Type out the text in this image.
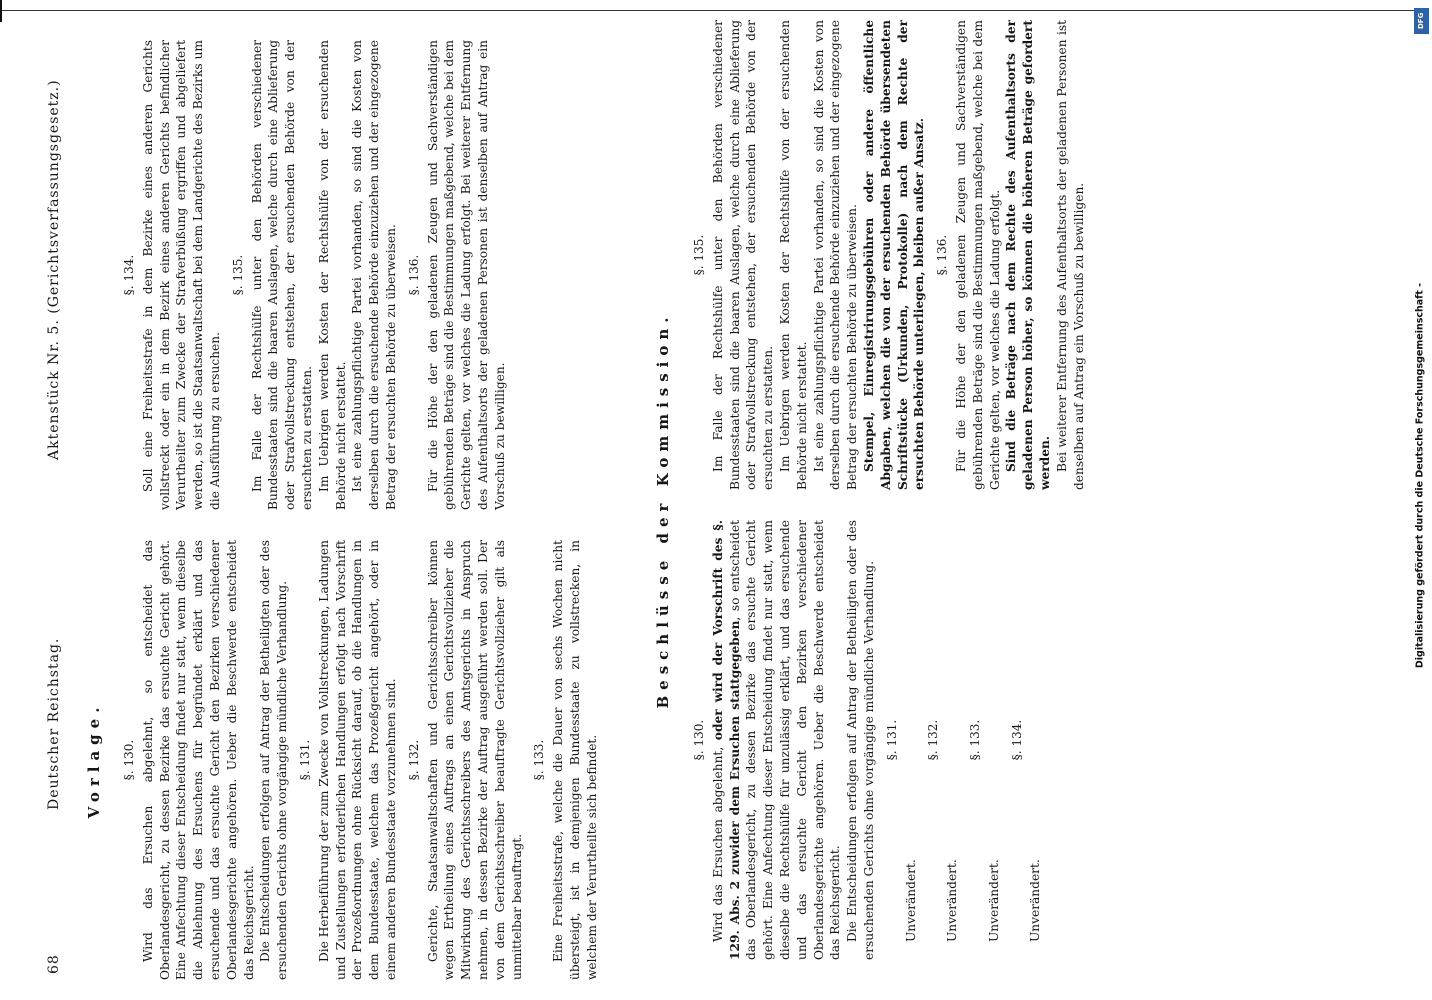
68
Deutscher Reichstag.
Aktenstück Nr. 5. (Gerichtsverfassungsgesetz.)
Vorlage. §. 130. Wird das Ersuchen abgelehnt, so entscheidet das Oberlandesgericht, zu dessen Bezirke das ersuchte Gericht gehört. Eine Anfechtung dieser Entscheidung findet nur statt, wenn dieselbe die Ablehnung des Ersuchens für begründet erklärt und das ersuchende und das ersuchte Gericht den Bezirken verschiedener Oberlandesgerichte angehören. Ueber die Beschwerde entscheidet das Reichsgericht. Die Entscheidungen erfolgen auf Antrag der Betheiligten oder des ersuchenden Gerichts ohne vorgängige mündliche Verhandlung. §. 131. Die Herbeiführung der zum Zwecke von Vollstreckungen, Ladungen und Zustellungen erforderlichen Handlungen erfolgt nach Vorschrift der Prozeßordnungen ohne Rücksicht darauf, ob die Handlungen in dem Bundesstaate, welchem das Prozeßgericht angehört, oder in einem anderen Bundesstaate vorzunehmen sind. §. 132. Gerichte, Staatsanwaltschaften und Gerichtsschreiber können wegen Ertheilung eines Auftrags an einen Gerichtsvollzieher die Mitwirkung des Gerichtsschreibers des Amtsgerichts in Anspruch nehmen, in dessen Bezirke der Auftrag ausgeführt werden soll. Der von dem Gerichtsschreiber beauftragte Gerichtsvollzieher gilt als unmittelbar beauftragt.

§. 133. Eine Freiheitsstrafe, welche die Dauer von sechs Wochen nicht übersteigt, ist in demjenigen Bundesstaate zu vollstrecken, in welchem der Verurtheilte sich befindet.

§. 134. Soll eine Freiheitsstrafe in dem Bezirke eines anderen Gerichts vollstreckt oder ein in dem Bezirk eines anderen Gerichts befindlicher Verurtheilter zum Zwecke der Strafverbüßung ergriffen und abgeliefert werden, so ist die Staatsanwaltschaft bei dem Landgerichte des Bezirks um die Ausführung zu ersuchen.

§. 135. Im Falle der Rechtshülfe unter den Behörden verschiedener Bundesstaaten sind die baaren Auslagen, welche durch eine Ablieferung oder Strafvollstreckung entstehen, der ersuchenden Behörde von der ersuchten zu erstatten. Im Uebrigen werden Kosten der Rechtshülfe von der ersuchenden Behörde nicht erstattet. Ist eine zahlungspflichtige Partei vorhanden, so sind die Kosten von derselben durch die ersuchende Behörde einzuziehen und der eingezogene Betrag der ersuchten Behörde zu überweisen. §. 136. Für die Höhe der den geladenen Zeugen und Sachverständigen gebührenden Beträge sind die Bestimmungen maßgebend, welche bei dem Gerichte gelten, vor welches die Ladung erfolgt. Bei weiterer Entfernung des Aufenthaltsorts der geladenen Personen ist denselben auf Antrag ein Vorschuß zu bewilligen.	Beschlüsse der Kommission.
§. 130.

Wird das Ersuchen abgelehnt, oder wird der Vorschrift des §. 129. Abs. 2 zuwider dem Ersuchen stattgegeben, so entscheidet das Oberlandesgericht, zu dessen Bezirke das ersuchte Gericht gehört. Eine Anfechtung dieser Entscheidung findet nur statt, wenn dieselbe die Rechtshülfe für unzulässig erklärt, und das ersuchende und das ersuchte Gericht den Bezirken verschiedener Oberlandesgerichte angehören. Ueber die Beschwerde entscheidet das Reichsgericht. Die Entscheidungen erfolgen auf Antrag der Betheiligten oder des ersuchenden Gerichts ohne vorgängige mündliche Verhandlung. §. 131.

Unverändert.

§. 132.

Unverändert.

§. 133.

Unverändert.

§. 134.

Unverändert.

§. 135. Im Falle der Rechtshülfe unter den Behörden verschiedener Bundesstaaten sind die baaren Auslagen, welche durch eine Ablieferung oder Strafvollstreckung entstehen, der ersuchenden Behörde von der ersuchten zu erstatten. Im Uebrigen werden Kosten der Rechtshülfe von der ersuchenden Behörde nicht erstattet. Ist eine zahlungspflichtige Partei vorhanden, so sind die Kosten von derselben durch die ersuchende Behörde einzuziehen und der eingezogene Betrag der ersuchten Behörde zu überweisen. Stempel, Einregistrirungsgebühren oder andere öffentliche Abgaben, welchen die von der ersuchenden Behörde übersendeten Schriftstücke (Urkunden, Protokolle) nach dem Rechte der ersuchten Behörde unterliegen, bleiben außer Ansatz. §. 136. Für die Höhe der den geladenen Zeugen und Sachverständigen gebührenden Beträge sind die Bestimmungen maßgebend, welche bei dem Gerichte gelten, vor welches die Ladung erfolgt. Sind die Beträge nach dem Rechte des Aufenthaltsorts der geladenen Person höher, so können die höheren Beträge gefordert werden. Bei weiterer Entfernung des Aufenthaltsorts der geladenen Personen ist denselben auf Antrag ein Vorschuß zu bewilligen.

DFG
Digitalisierung gefördert durch die Deutsche Forschungsgemeinschaft -
